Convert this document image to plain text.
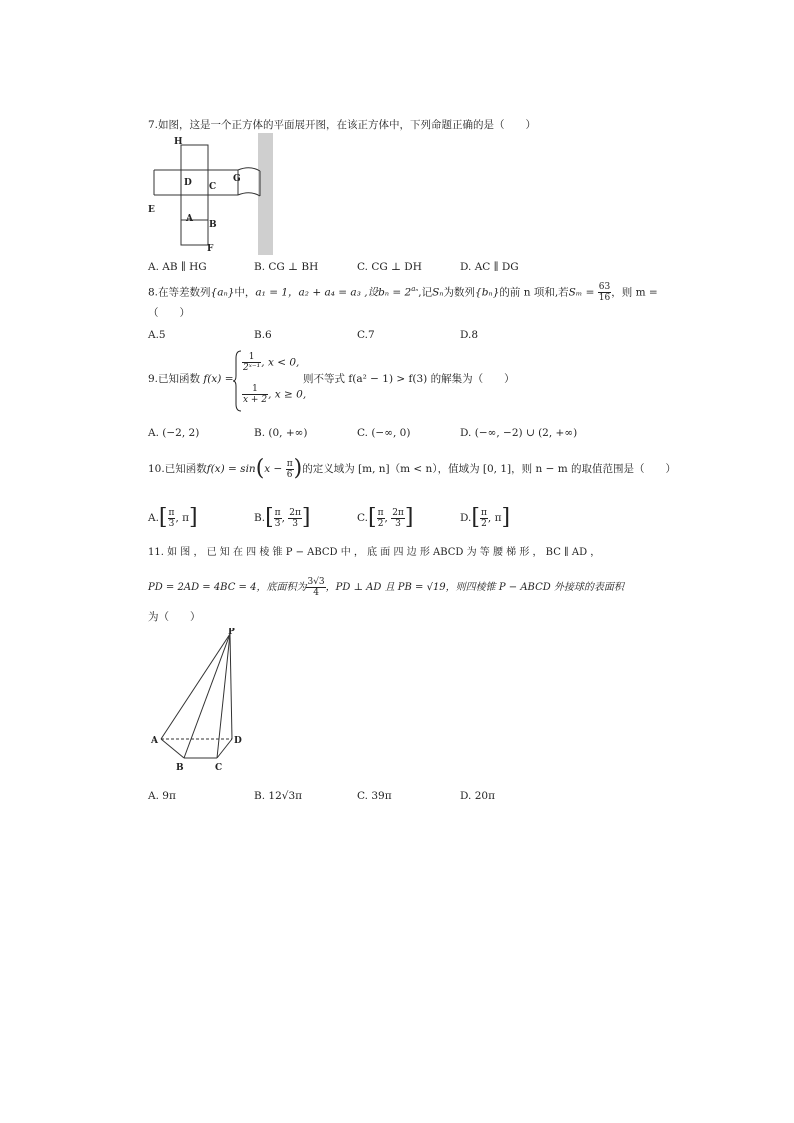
7.如图，这是一个正方体的平面展开图，在该正方体中，下列命题正确的是（　　）
H
D C
G
E
A
B
F
A. AB ∥ HG	B. CG ⊥ BH	C. CG ⊥ DH	D. AC ∥ DG
8.在等差数列{aₙ}中，a₁ = 1，a₂ + a₄ = a₃ ,设$b_n = 2^{a_n}$,记Sₙ为数列{bₙ}的前 n 项和,若$S_m = \frac{63}{16}$ ，则 m =
（　　）
A.5	B.6	C.7	D.8
9.已知函数 f(x) =
$\frac{1}{\text{2ˣ⁻¹}}$ , x < 0,
$\frac{1}{x + 2}$ , x ≥ 0,
则不等式 f(a² − 1) > f(3) 的解集为（　　）
A. (−2, 2)	B. (0, +∞)	C. (−∞, 0)	D. (−∞, −2) ∪ (2, +∞)
10.已知函数$f(x) = \sin(x - \frac{\pi}{6}$ )的定义域为 [m, n]（m < n），值域为 [0, 1]，则 n − m 的取值范围是（　　）
$A.[ \frac{\pi}{3}$ , π]	$B.[ \frac{\pi}{3}$ , $\frac{2\pi}{3}$ ]	$C.[ \frac{\pi}{2}$ , $\frac{2\pi}{3}$ ]	$D.[ \frac{\pi}{2}$ , π]
11. 如 图 ， 已 知 在 四 棱 锥 P − ABCD 中 ， 底 面 四 边 形 ABCD 为 等 腰 梯 形 ， BC ∥ AD ，
PD = 2AD = 4BC = 4，底面积为 $\frac{3√3}{4}$ ，PD ⊥ AD 且 PB = √19，则四棱锥 P − ABCD 外接球的表面积
为（　　）
P
A	D
B	C
A. 9π	B. 12√3π	C. 39π	D. 20π
